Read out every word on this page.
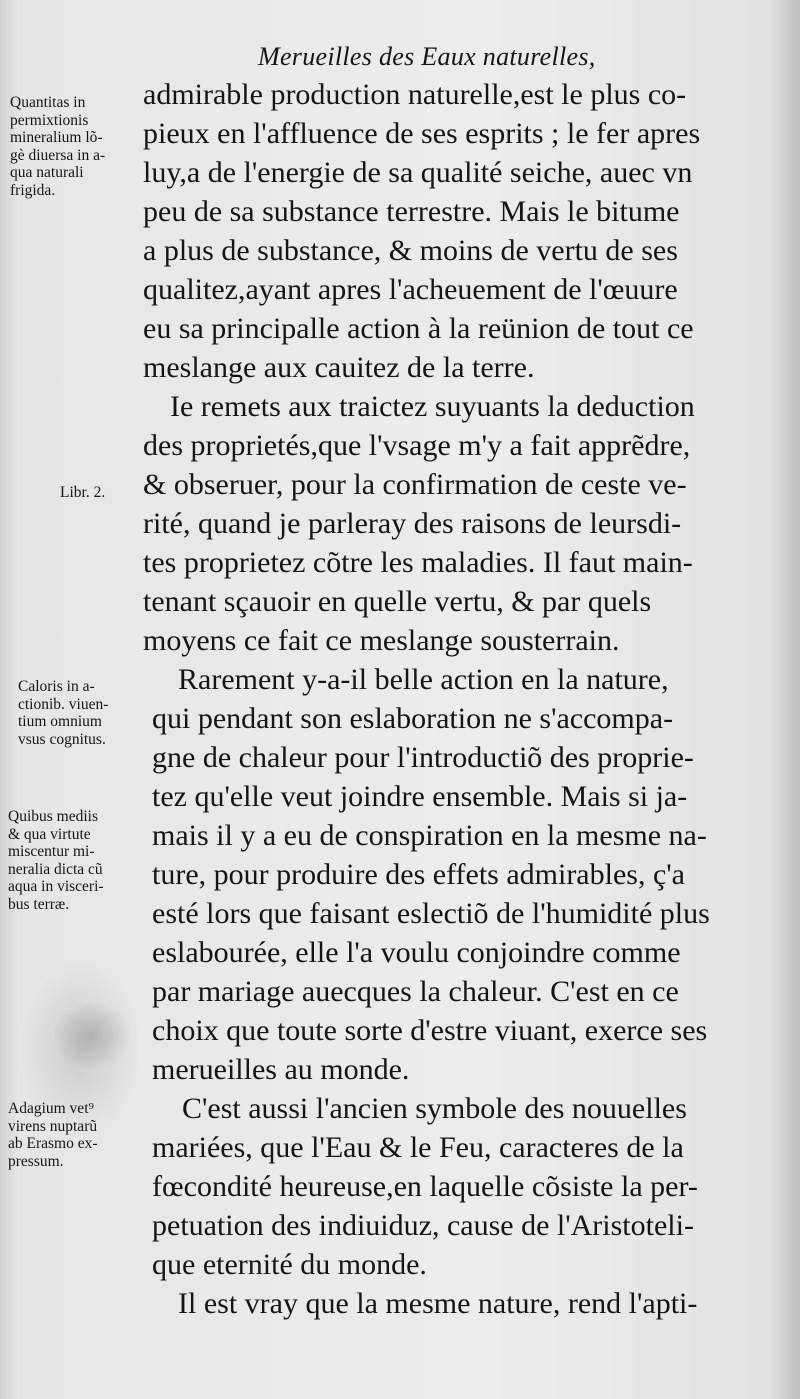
Merueilles des Eaux naturelles,
admirable production naturelle,est le plus co-
pieux en l'affluence de ses esprits ; le fer apres
luy,a de l'energie de sa qualité seiche, auec vn
peu de sa substance terrestre. Mais le bitume
a plus de substance, & moins de vertu de ses
qualitez,ayant apres l'acheuement de l'œuure
eu sa principalle action à la reünion de tout ce
meslange aux cauitez de la terre.
Ie remets aux traictez suyuants la deduction
des proprietés,que l'vsage m'y a fait apprẽdre,
& obseruer, pour la confirmation de ceste ve-
rité, quand je parleray des raisons de leursdi-
tes proprietez cõtre les maladies. Il faut main-
tenant sçauoir en quelle vertu, & par quels
moyens ce fait ce meslange sousterrain.
Rarement y-a-il belle action en la nature,
qui pendant son eslaboration ne s'accompa-
gne de chaleur pour l'introductiõ des proprie-
tez qu'elle veut joindre ensemble. Mais si ja-
mais il y a eu de conspiration en la mesme na-
ture, pour produire des effets admirables, ç'a
esté lors que faisant eslectiõ de l'humidité plus
eslabourée, elle l'a voulu conjoindre comme
par mariage auecques la chaleur. C'est en ce
choix que toute sorte d'estre viuant, exerce ses
merueilles au monde.
C'est aussi l'ancien symbole des nouuelles
mariées, que l'Eau & le Feu, caracteres de la
fœcondité heureuse,en laquelle cõsiste la per-
petuation des indiuiduz, cause de l'Aristoteli-
que eternité du monde.
Il est vray que la mesme nature, rend l'apti-
Quantitas in
permixtionis
mineralium lõ-
gè diuersa in a-
qua naturali
frigida.
Libr. 2.
Caloris in a-
ctionib. viuen-
tium omnium
vsus cognitus.
Quibus mediis
& qua virtute
miscentur mi-
neralia dicta cũ
aqua in visceri-
bus terræ.
Adagium vet⁹
virens nuptarũ
ab Erasmo ex-
pressum.
